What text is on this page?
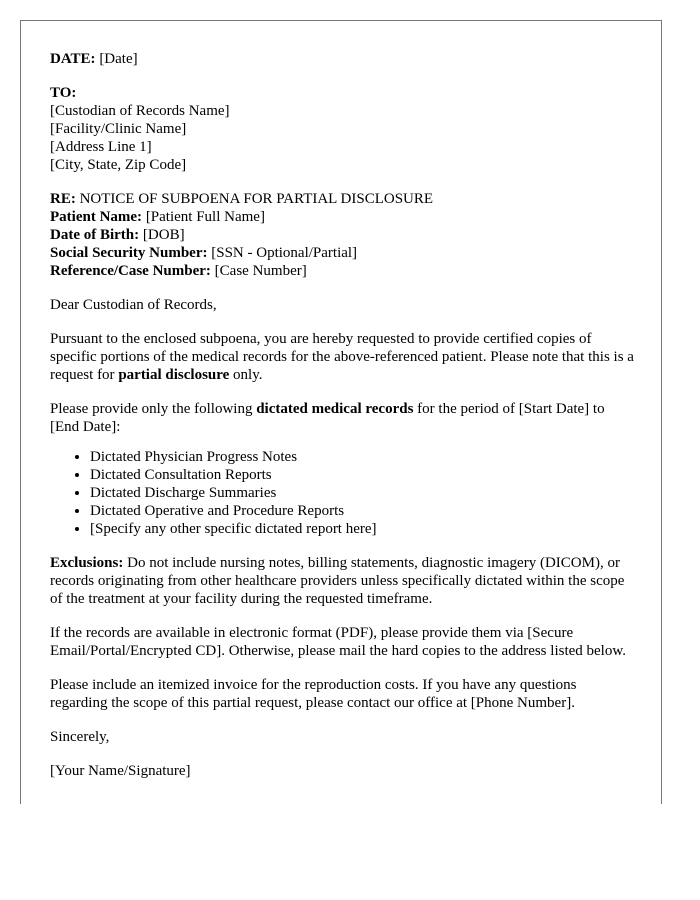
DATE: [Date]

TO:
[Custodian of Records Name]
[Facility/Clinic Name]
[Address Line 1]
[City, State, Zip Code]
RE: NOTICE OF SUBPOENA FOR PARTIAL DISCLOSURE
Patient Name: [Patient Full Name]
Date of Birth: [DOB]
Social Security Number: [SSN - Optional/Partial]
Reference/Case Number: [Case Number]

Dear Custodian of Records,

Pursuant to the enclosed subpoena, you are hereby requested to provide certified copies of specific portions of the medical records for the above-referenced patient. Please note that this is a request for partial disclosure only.

Please provide only the following dictated medical records for the period of [Start Date] to [End Date]:

• Dictated Physician Progress Notes
• Dictated Consultation Reports
• Dictated Discharge Summaries
• Dictated Operative and Procedure Reports
• [Specify any other specific dictated report here]

Exclusions: Do not include nursing notes, billing statements, diagnostic imagery (DICOM), or records originating from other healthcare providers unless specifically dictated within the scope of the treatment at your facility during the requested timeframe.

If the records are available in electronic format (PDF), please provide them via [Secure Email/Portal/Encrypted CD]. Otherwise, please mail the hard copies to the address listed below.

Please include an itemized invoice for the reproduction costs. If you have any questions regarding the scope of this partial request, please contact our office at [Phone Number].

Sincerely,

[Your Name/Signature]
